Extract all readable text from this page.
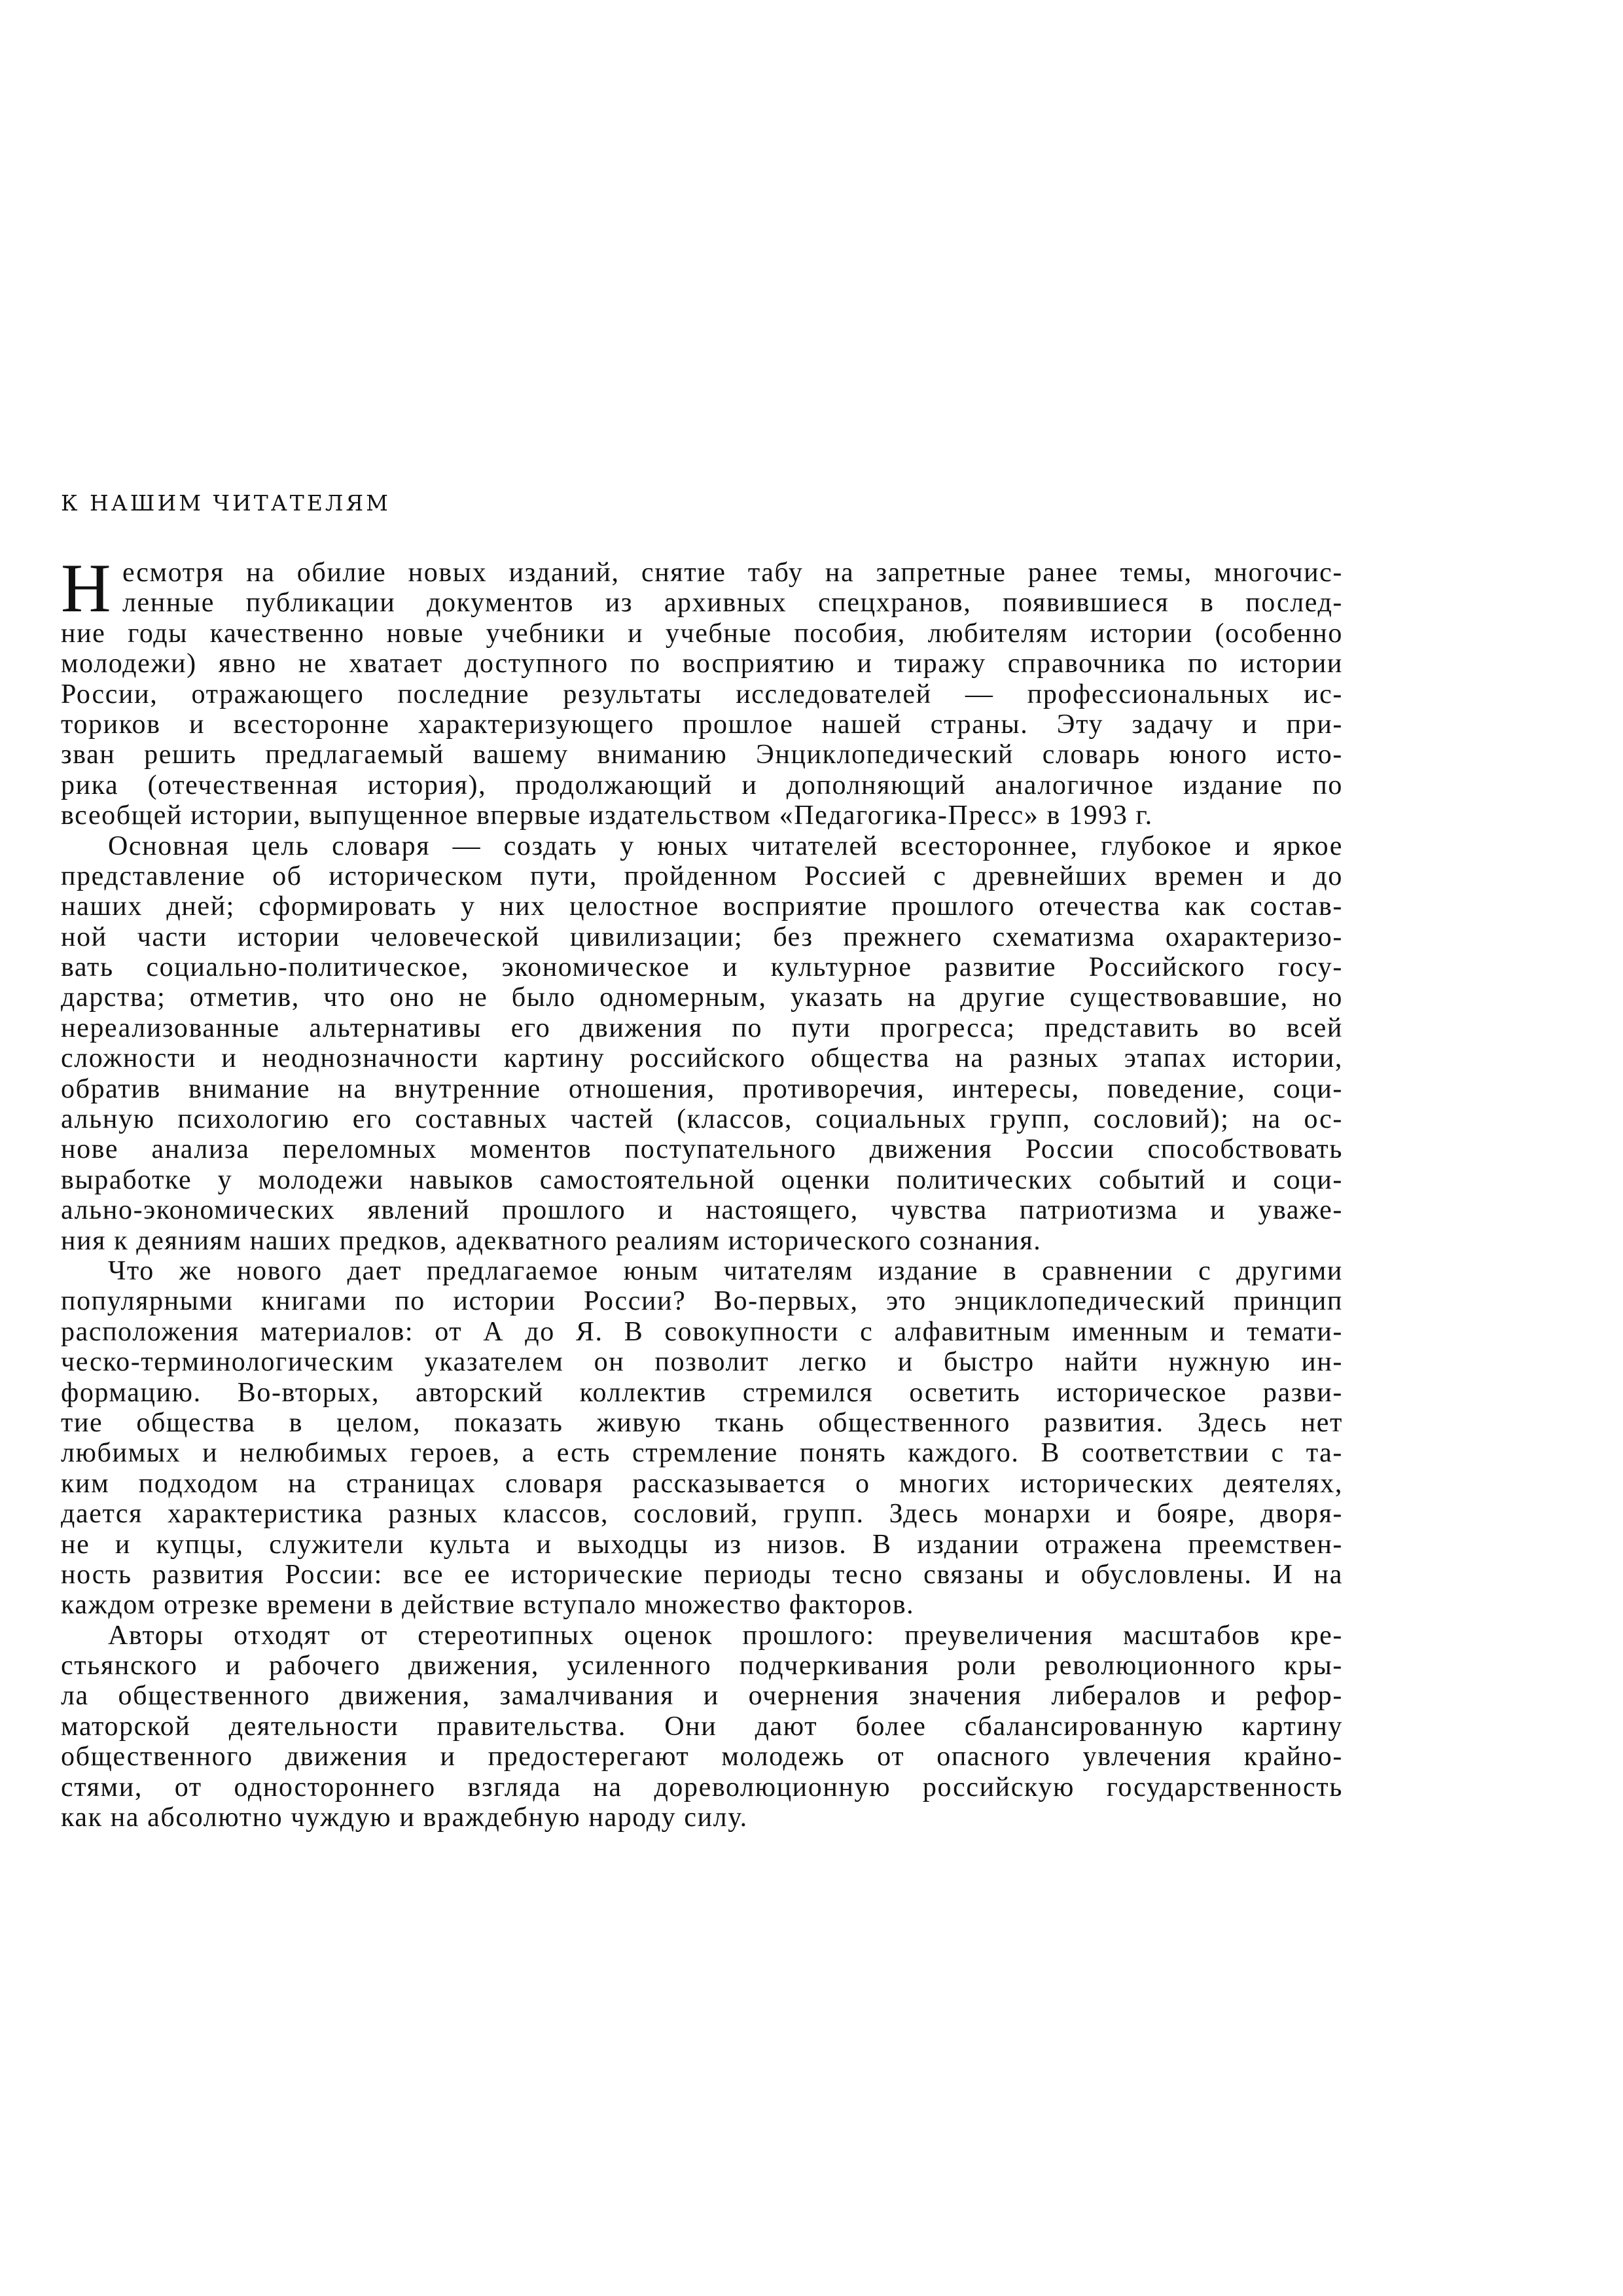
К НАШИМ ЧИТАТЕЛЯМ
есмотря на обилие новых изданий, снятие табу на запретные ранее темы, многочис-
ленные публикации документов из архивных спецхранов, появившиеся в послед-
ние годы качественно новые учебники и учебные пособия, любителям истории (особенно
молодежи) явно не хватает доступного по восприятию и тиражу справочника по истории
России, отражающего последние результаты исследователей — профессиональных ис-
ториков и всесторонне характеризующего прошлое нашей страны. Эту задачу и при-
зван решить предлагаемый вашему вниманию Энциклопедический словарь юного исто-
рика (отечественная история), продолжающий и дополняющий аналогичное издание по
всеобщей истории, выпущенное впервые издательством «Педагогика-Пресс» в 1993 г.
Основная цель словаря — создать у юных читателей всестороннее, глубокое и яркое
представление об историческом пути, пройденном Россией с древнейших времен и до
наших дней; сформировать у них целостное восприятие прошлого отечества как состав-
ной части истории человеческой цивилизации; без прежнего схематизма охарактеризо-
вать социально-политическое, экономическое и культурное развитие Российского госу-
дарства; отметив, что оно не было одномерным, указать на другие существовавшие, но
нереализованные альтернативы его движения по пути прогресса; представить во всей
сложности и неоднозначности картину российского общества на разных этапах истории,
обратив внимание на внутренние отношения, противоречия, интересы, поведение, соци-
альную психологию его составных частей (классов, социальных групп, сословий); на ос-
нове анализа переломных моментов поступательного движения России способствовать
выработке у молодежи навыков самостоятельной оценки политических событий и соци-
ально-экономических явлений прошлого и настоящего, чувства патриотизма и уваже-
ния к деяниям наших предков, адекватного реалиям исторического сознания.
Что же нового дает предлагаемое юным читателям издание в сравнении с другими
популярными книгами по истории России? Во-первых, это энциклопедический принцип
расположения материалов: от А до Я. В совокупности с алфавитным именным и темати-
ческо-терминологическим указателем он позволит легко и быстро найти нужную ин-
формацию. Во-вторых, авторский коллектив стремился осветить историческое разви-
тие общества в целом, показать живую ткань общественного развития. Здесь нет
любимых и нелюбимых героев, а есть стремление понять каждого. В соответствии с та-
ким подходом на страницах словаря рассказывается о многих исторических деятелях,
дается характеристика разных классов, сословий, групп. Здесь монархи и бояре, дворя-
не и купцы, служители культа и выходцы из низов. В издании отражена преемствен-
ность развития России: все ее исторические периоды тесно связаны и обусловлены. И на
каждом отрезке времени в действие вступало множество факторов.
Авторы отходят от стереотипных оценок прошлого: преувеличения масштабов кре-
стьянского и рабочего движения, усиленного подчеркивания роли революционного кры-
ла общественного движения, замалчивания и очернения значения либералов и рефор-
маторской деятельности правительства. Они дают более сбалансированную картину
общественного движения и предостерегают молодежь от опасного увлечения крайно-
стями, от одностороннего взгляда на дореволюционную российскую государственность
как на абсолютно чуждую и враждебную народу силу.
Н
